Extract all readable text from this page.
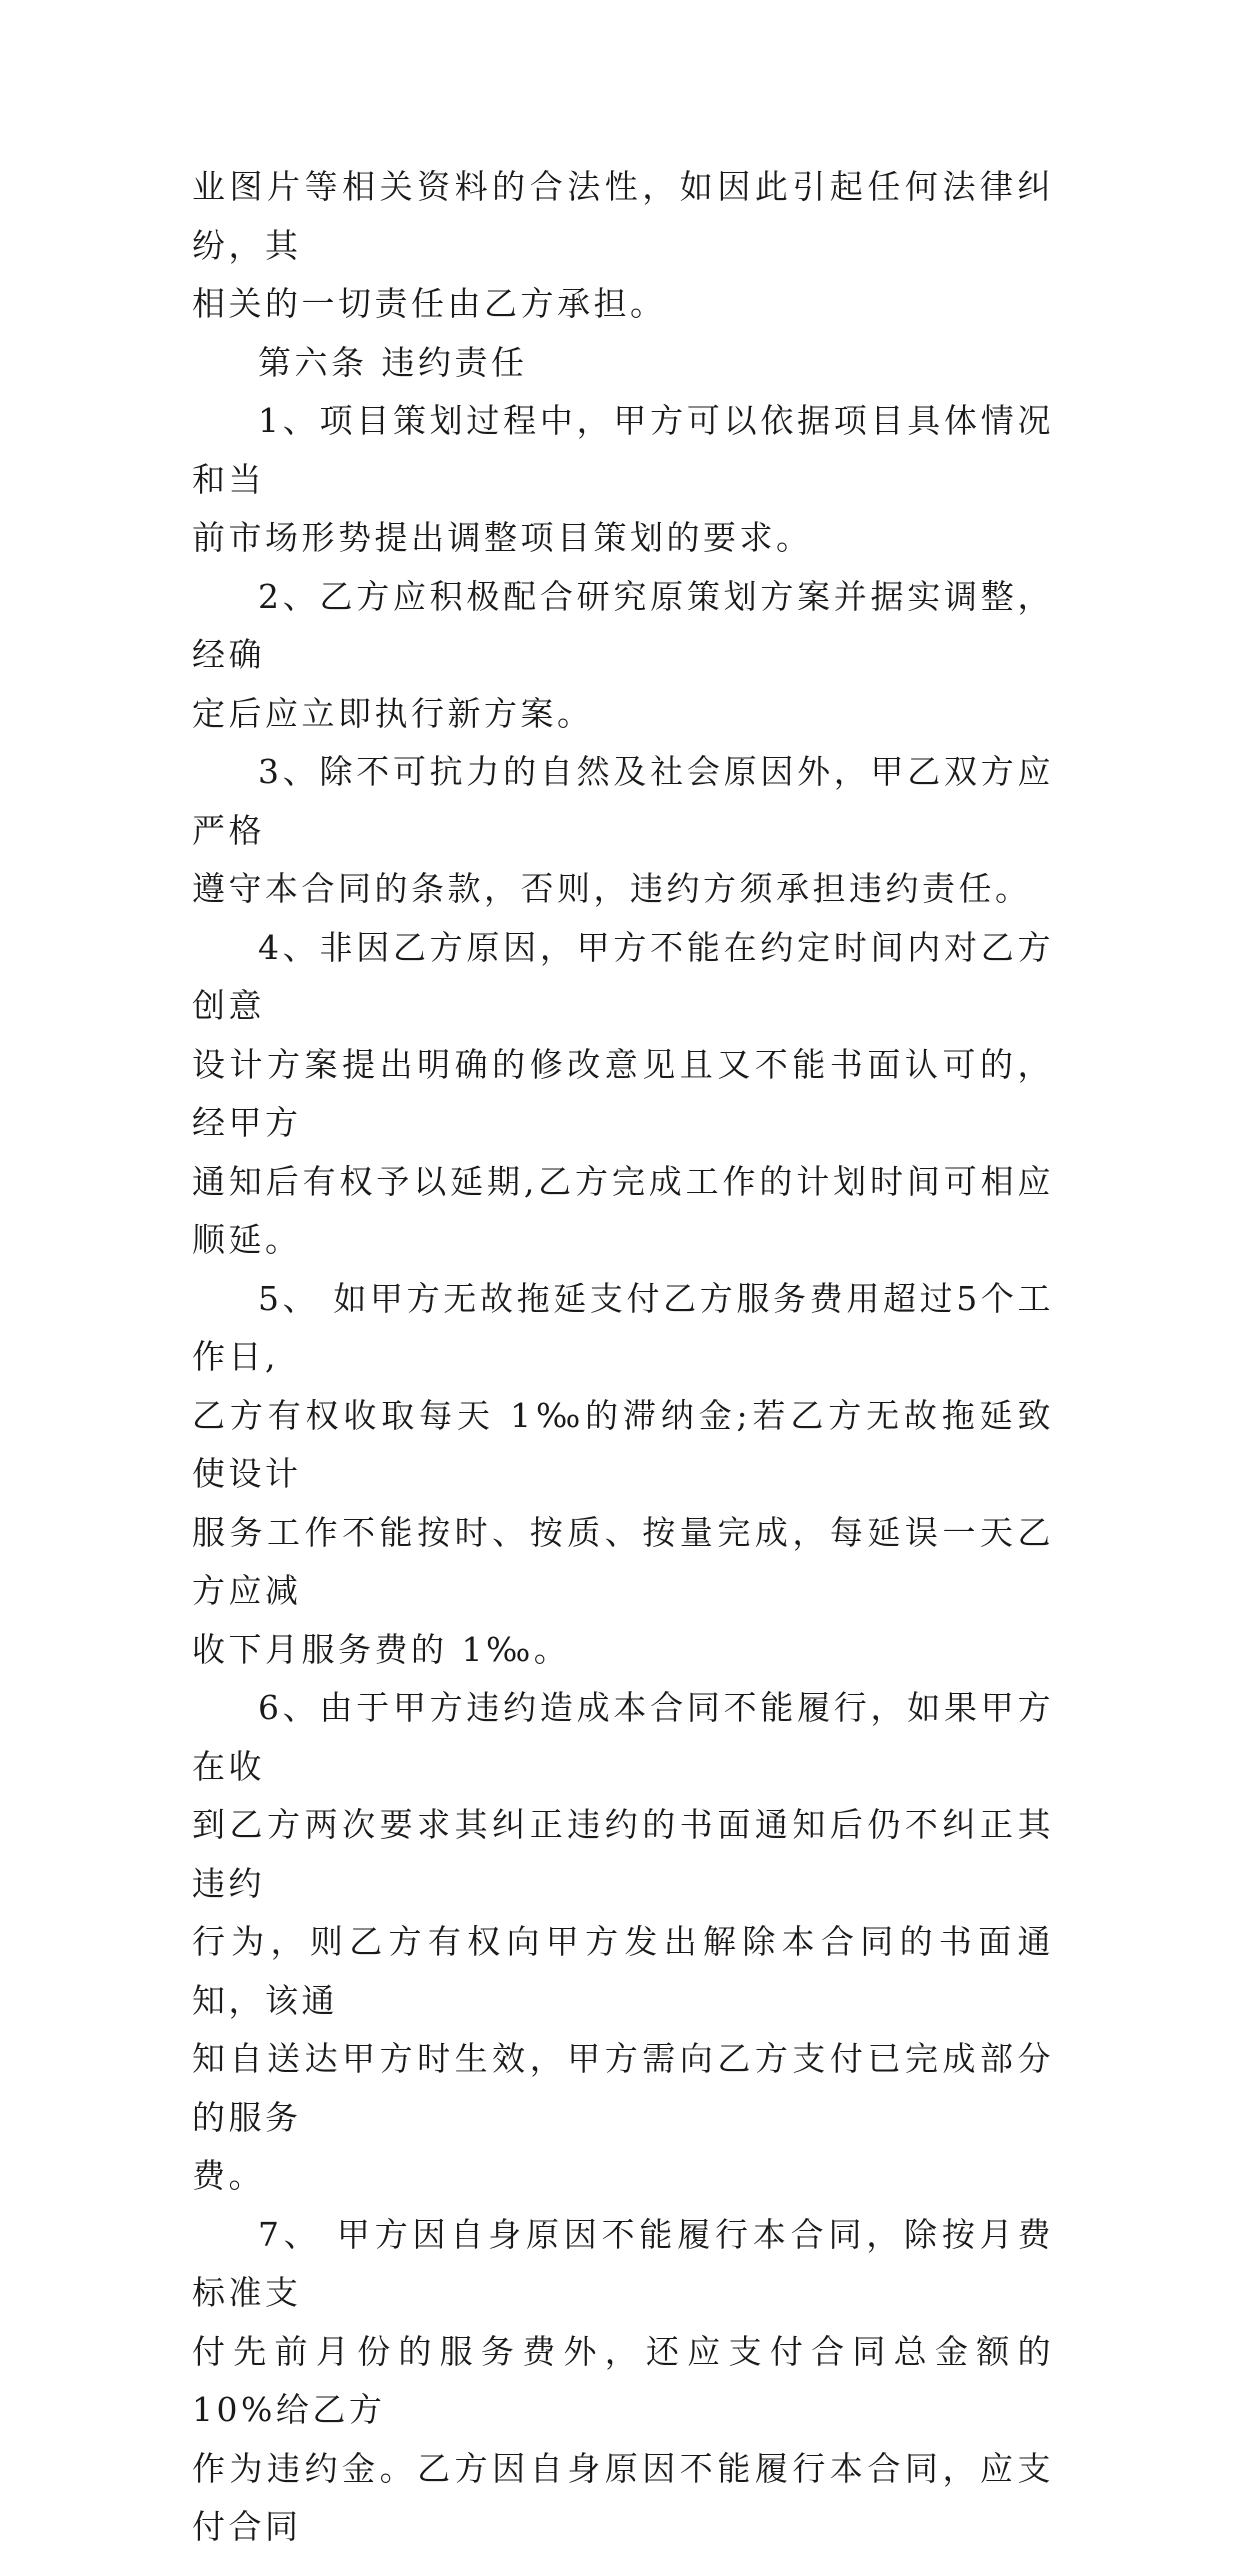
业图片等相关资料的合法性，如因此引起任何法律纠纷，其
相关的一切责任由乙方承担。

第六条 违约责任

1、项目策划过程中，甲方可以依据项目具体情况和当
前市场形势提出调整项目策划的要求。

2、乙方应积极配合研究原策划方案并据实调整，经确
定后应立即执行新方案。

3、除不可抗力的自然及社会原因外，甲乙双方应严格
遵守本合同的条款，否则，违约方须承担违约责任。

4、非因乙方原因，甲方不能在约定时间内对乙方创意
设计方案提出明确的修改意见且又不能书面认可的，经甲方
通知后有权予以延期,乙方完成工作的计划时间可相应顺延。

5、 如甲方无故拖延支付乙方服务费用超过5个工作日,
乙方有权收取每天 1‰的滞纳金;若乙方无故拖延致使设计
服务工作不能按时、按质、按量完成，每延误一天乙方应减
收下月服务费的 1‰。

6、由于甲方违约造成本合同不能履行，如果甲方在收
到乙方两次要求其纠正违约的书面通知后仍不纠正其违约
行为，则乙方有权向甲方发出解除本合同的书面通知，该通
知自送达甲方时生效，甲方需向乙方支付已完成部分的服务
费。

7、 甲方因自身原因不能履行本合同，除按月费标准支
付先前月份的服务费外，还应支付合同总金额的 10%给乙方
作为违约金。乙方因自身原因不能履行本合同，应支付合同
